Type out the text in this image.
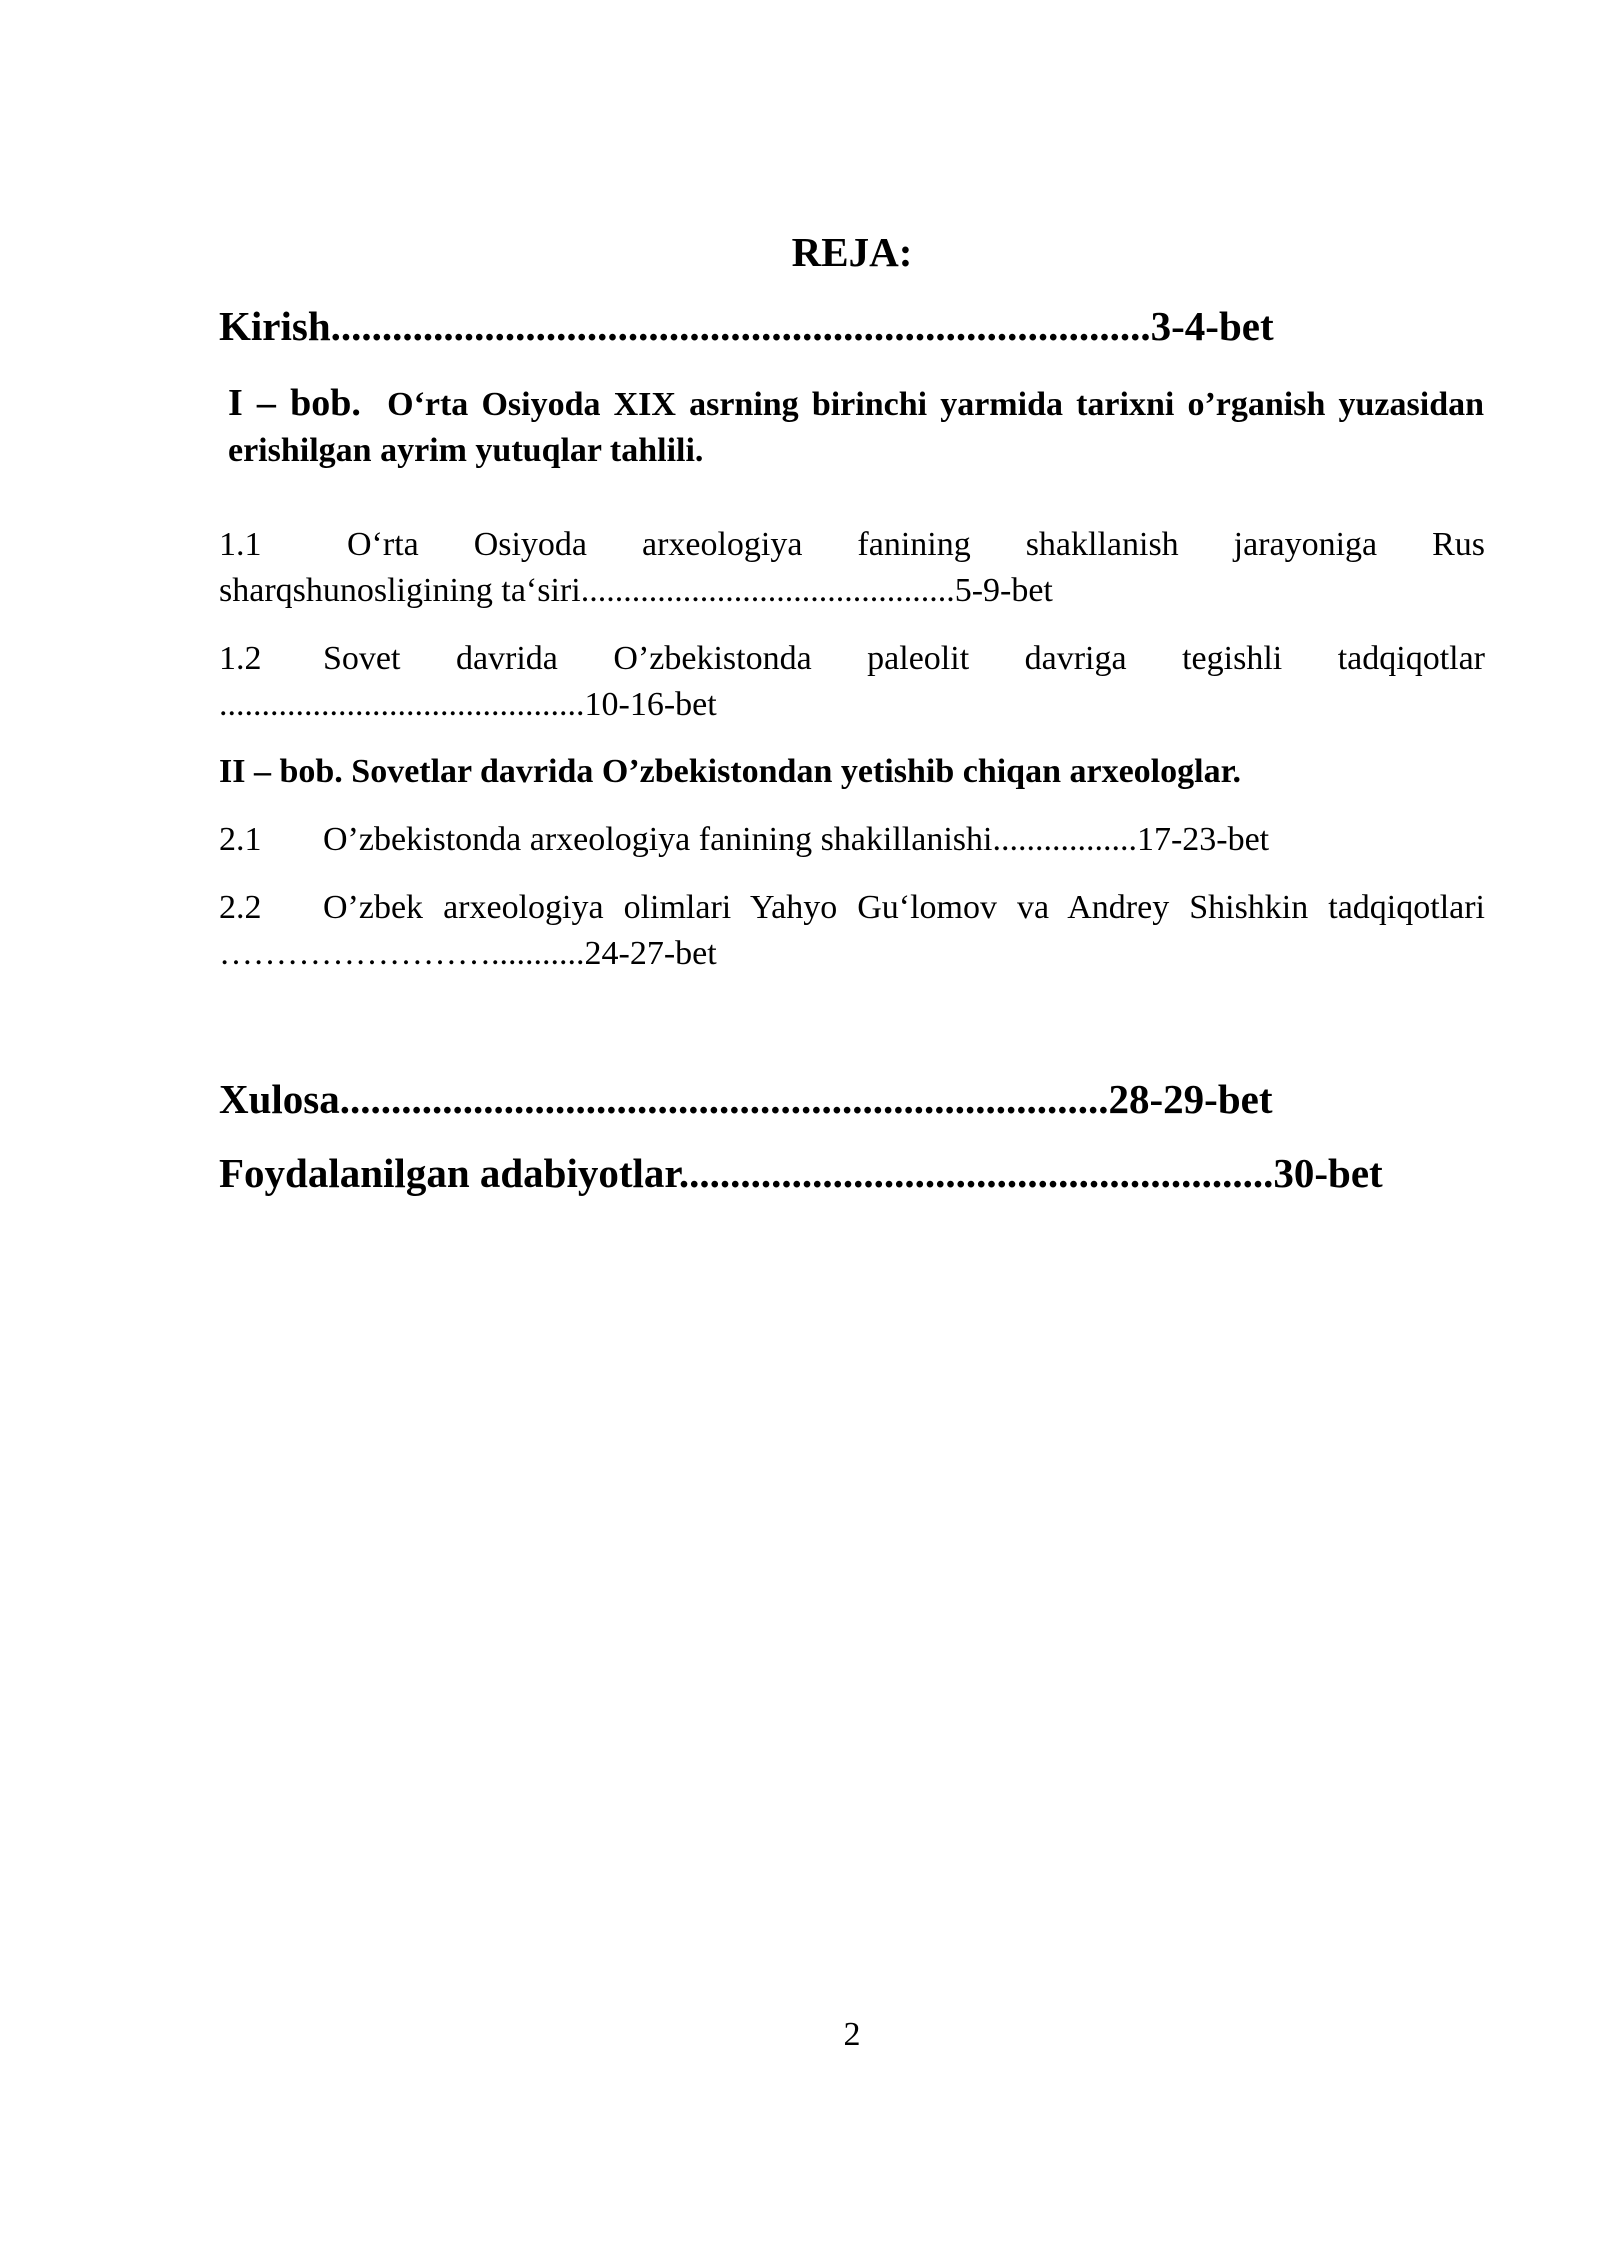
REJA:
Kirish................................................................................3-4-bet
I – bob. O‘rta Osiyoda XIX asrning birinchi yarmida tarixni o’rganish yuzasidan erishilgan ayrim yutuqlar tahlili.
1.1	O‘rta Osiyoda arxeologiya fanining shakllanish jarayoniga Rus sharqshunosligining ta‘siri............................................5-9-bet
1.2 Sovet davrida O’zbekistonda paleolit davriga tegishli tadqiqotlar ...........................................10-16-bet
II – bob. Sovetlar davrida O’zbekistondan yetishib chiqan arxeologlar.
2.1 O’zbekistonda arxeologiya fanining shakillanishi.................17-23-bet
2.2 O’zbek arxeologiya olimlari Yahyo Gu‘lomov va Andrey Shishkin tadqiqotlari ……………………...........24-27-bet
Xulosa...........................................................................28-29-bet
Foydalanilgan adabiyotlar..........................................................30-bet
2
